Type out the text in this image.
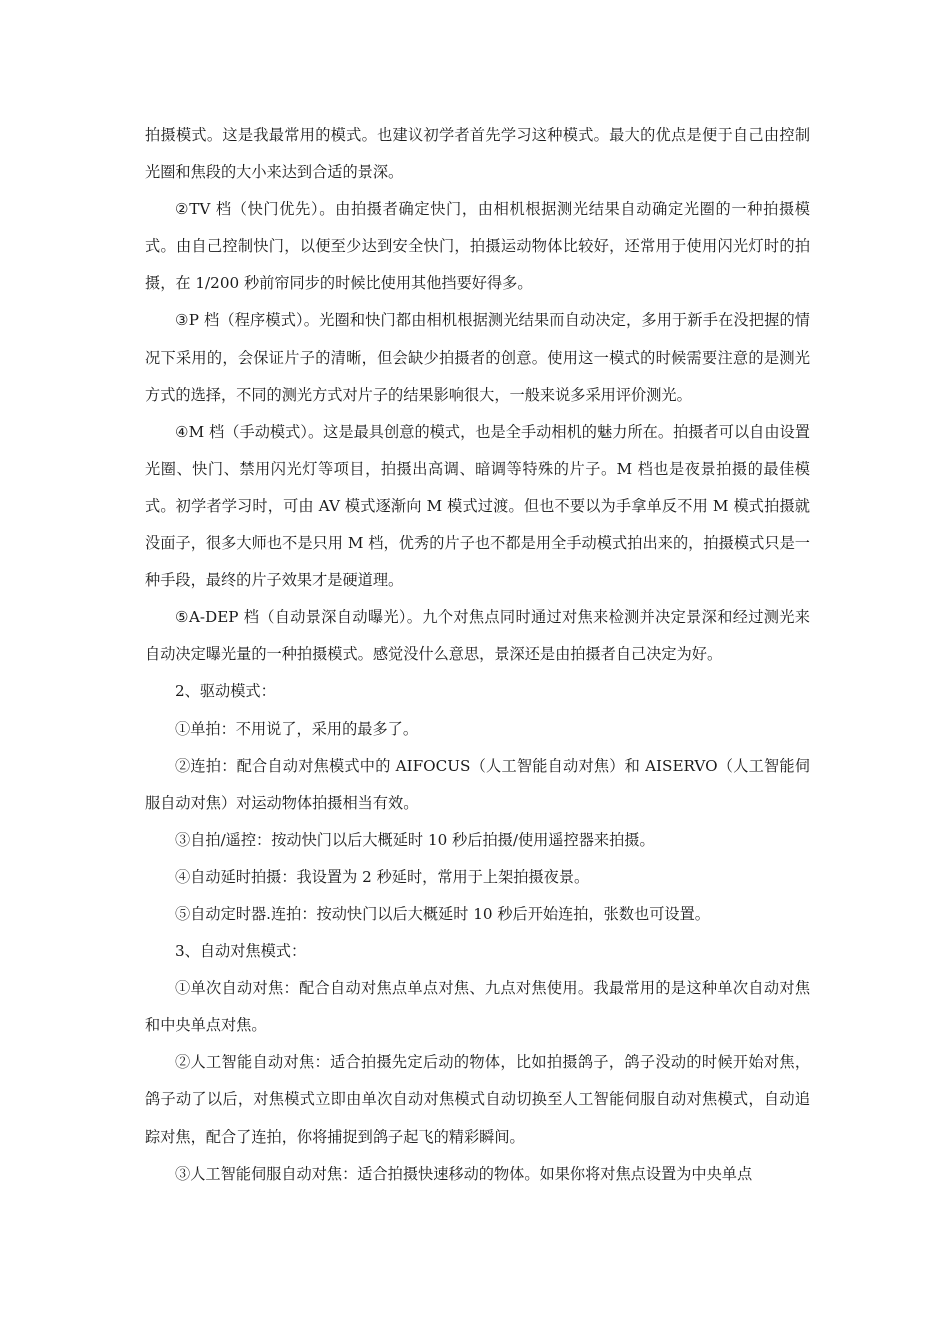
拍摄模式。这是我最常用的模式。也建议初学者首先学习这种模式。最大的优点是便于自己由控制光圈和焦段的大小来达到合适的景深。

②TV 档（快门优先）。由拍摄者确定快门，由相机根据测光结果自动确定光圈的一种拍摄模式。由自己控制快门，以便至少达到安全快门，拍摄运动物体比较好，还常用于使用闪光灯时的拍摄，在 1/200 秒前帘同步的时候比使用其他挡要好得多。

③P 档（程序模式）。光圈和快门都由相机根据测光结果而自动决定，多用于新手在没把握的情况下采用的，会保证片子的清晰，但会缺少拍摄者的创意。使用这一模式的时候需要注意的是测光方式的选择，不同的测光方式对片子的结果影响很大，一般来说多采用评价测光。

④M 档（手动模式）。这是最具创意的模式，也是全手动相机的魅力所在。拍摄者可以自由设置光圈、快门、禁用闪光灯等项目，拍摄出高调、暗调等特殊的片子。M 档也是夜景拍摄的最佳模式。初学者学习时，可由 AV 模式逐渐向 M 模式过渡。但也不要以为手拿单反不用 M 模式拍摄就没面子，很多大师也不是只用 M 档，优秀的片子也不都是用全手动模式拍出来的，拍摄模式只是一种手段，最终的片子效果才是硬道理。

⑤A-DEP 档（自动景深自动曝光）。九个对焦点同时通过对焦来检测并决定景深和经过测光来自动决定曝光量的一种拍摄模式。感觉没什么意思，景深还是由拍摄者自己决定为好。

2、驱动模式：

①单拍：不用说了，采用的最多了。

②连拍：配合自动对焦模式中的 AIFOCUS（人工智能自动对焦）和 AISERVO（人工智能伺服自动对焦）对运动物体拍摄相当有效。

③自拍/遥控：按动快门以后大概延时 10 秒后拍摄/使用遥控器来拍摄。

④自动延时拍摄：我设置为 2 秒延时，常用于上架拍摄夜景。

⑤自动定时器.连拍：按动快门以后大概延时 10 秒后开始连拍，张数也可设置。

3、自动对焦模式：

①单次自动对焦：配合自动对焦点单点对焦、九点对焦使用。我最常用的是这种单次自动对焦和中央单点对焦。

②人工智能自动对焦：适合拍摄先定后动的物体，比如拍摄鸽子，鸽子没动的时候开始对焦，鸽子动了以后，对焦模式立即由单次自动对焦模式自动切换至人工智能伺服自动对焦模式，自动追踪对焦，配合了连拍，你将捕捉到鸽子起飞的精彩瞬间。

③人工智能伺服自动对焦：适合拍摄快速移动的物体。如果你将对焦点设置为中央单点
